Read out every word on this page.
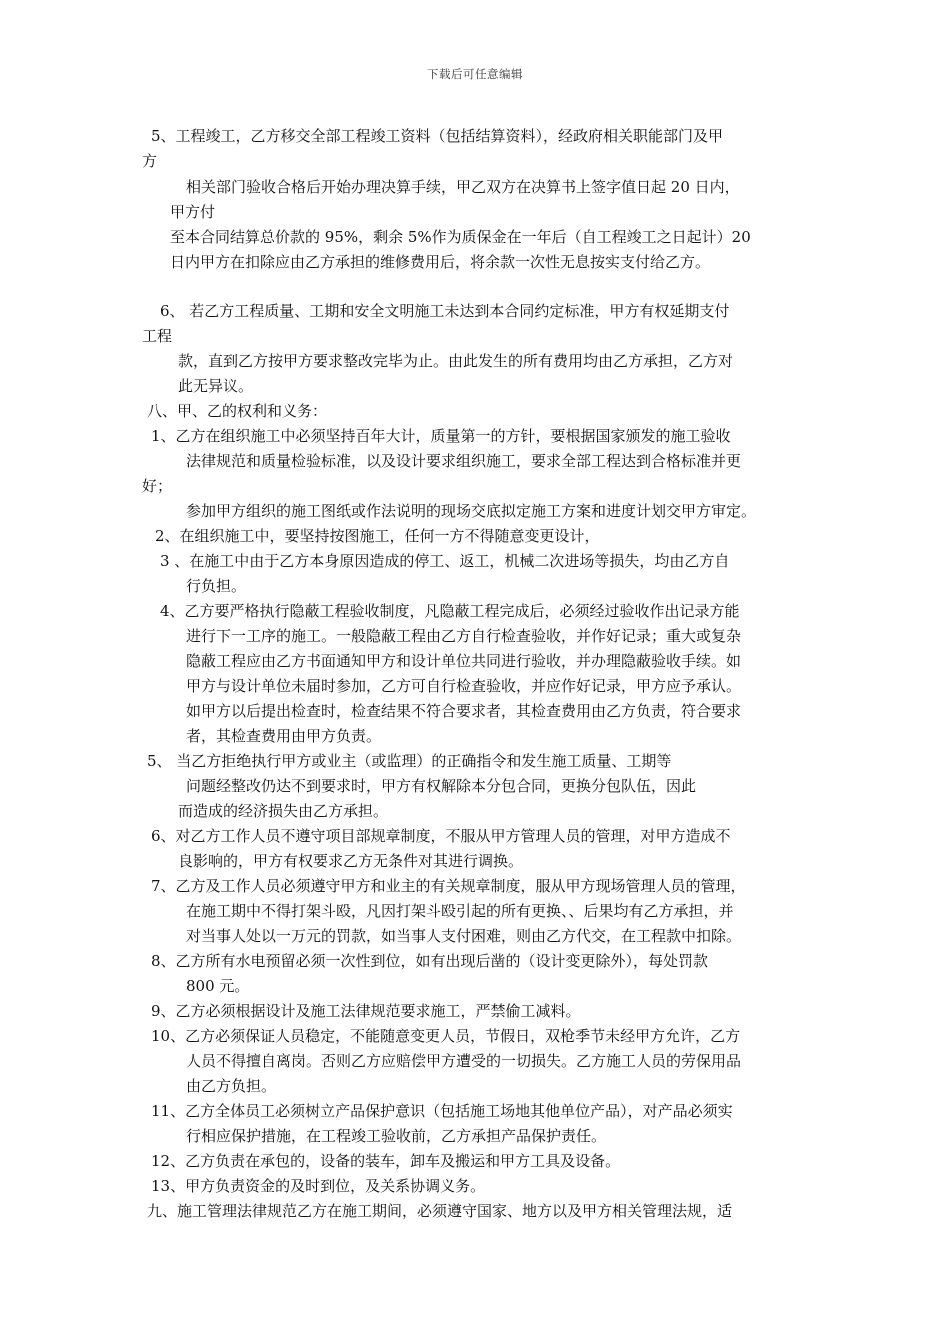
下载后可任意编辑
5、工程竣工，乙方移交全部工程竣工资料（包括结算资料），经政府相关职能部门及甲
方
相关部门验收合格后开始办理决算手续，甲乙双方在决算书上签字值日起 20 日内，
甲方付
至本合同结算总价款的 95%，剩余 5%作为质保金在一年后（自工程竣工之日起计）20
日内甲方在扣除应由乙方承担的维修费用后，将余款一次性无息按实支付给乙方。
6、 若乙方工程质量、工期和安全文明施工未达到本合同约定标准，甲方有权延期支付
工程
款，直到乙方按甲方要求整改完毕为止。由此发生的所有费用均由乙方承担，乙方对
此无异议。
八、甲、乙的权利和义务：
1、乙方在组织施工中必须坚持百年大计，质量第一的方针，要根据国家颁发的施工验收
法律规范和质量检验标准，以及设计要求组织施工，要求全部工程达到合格标准并更
好；
参加甲方组织的施工图纸或作法说明的现场交底拟定施工方案和进度计划交甲方审定。
2、在组织施工中，要坚持按图施工，任何一方不得随意变更设计，
3 、在施工中由于乙方本身原因造成的停工、返工，机械二次进场等损失，均由乙方自
行负担。
4、乙方要严格执行隐蔽工程验收制度，凡隐蔽工程完成后，必须经过验收作出记录方能
进行下一工序的施工。一般隐蔽工程由乙方自行检查验收，并作好记录；重大或复杂
隐蔽工程应由乙方书面通知甲方和设计单位共同进行验收，并办理隐蔽验收手续。如
甲方与设计单位未届时参加，乙方可自行检查验收，并应作好记录，甲方应予承认。
如甲方以后提出检查时，检查结果不符合要求者，其检查费用由乙方负责，符合要求
者，其检查费用由甲方负责。
5、 当乙方拒绝执行甲方或业主（或监理）的正确指令和发生施工质量、工期等
问题经整改仍达不到要求时，甲方有权解除本分包合同，更换分包队伍，因此
而造成的经济损失由乙方承担。
6、对乙方工作人员不遵守项目部规章制度，不服从甲方管理人员的管理，对甲方造成不
良影响的，甲方有权要求乙方无条件对其进行调换。
7、乙方及工作人员必须遵守甲方和业主的有关规章制度，服从甲方现场管理人员的管理，
在施工期中不得打架斗殴，凡因打架斗殴引起的所有更换、、后果均有乙方承担，并
对当事人处以一万元的罚款，如当事人支付困难，则由乙方代交，在工程款中扣除。
8、乙方所有水电预留必须一次性到位，如有出现后凿的（设计变更除外），每处罚款
800 元。
9、乙方必须根据设计及施工法律规范要求施工，严禁偷工减料。
10、乙方必须保证人员稳定，不能随意变更人员，节假日，双枪季节未经甲方允许，乙方
人员不得擅自离岗。否则乙方应赔偿甲方遭受的一切损失。乙方施工人员的劳保用品
由乙方负担。
11、乙方全体员工必须树立产品保护意识（包括施工场地其他单位产品），对产品必须实
行相应保护措施，在工程竣工验收前，乙方承担产品保护责任。
12、乙方负责在承包的，设备的装车，卸车及搬运和甲方工具及设备。
13、甲方负责资金的及时到位，及关系协调义务。
九、施工管理法律规范乙方在施工期间，必须遵守国家、地方以及甲方相关管理法规，适
